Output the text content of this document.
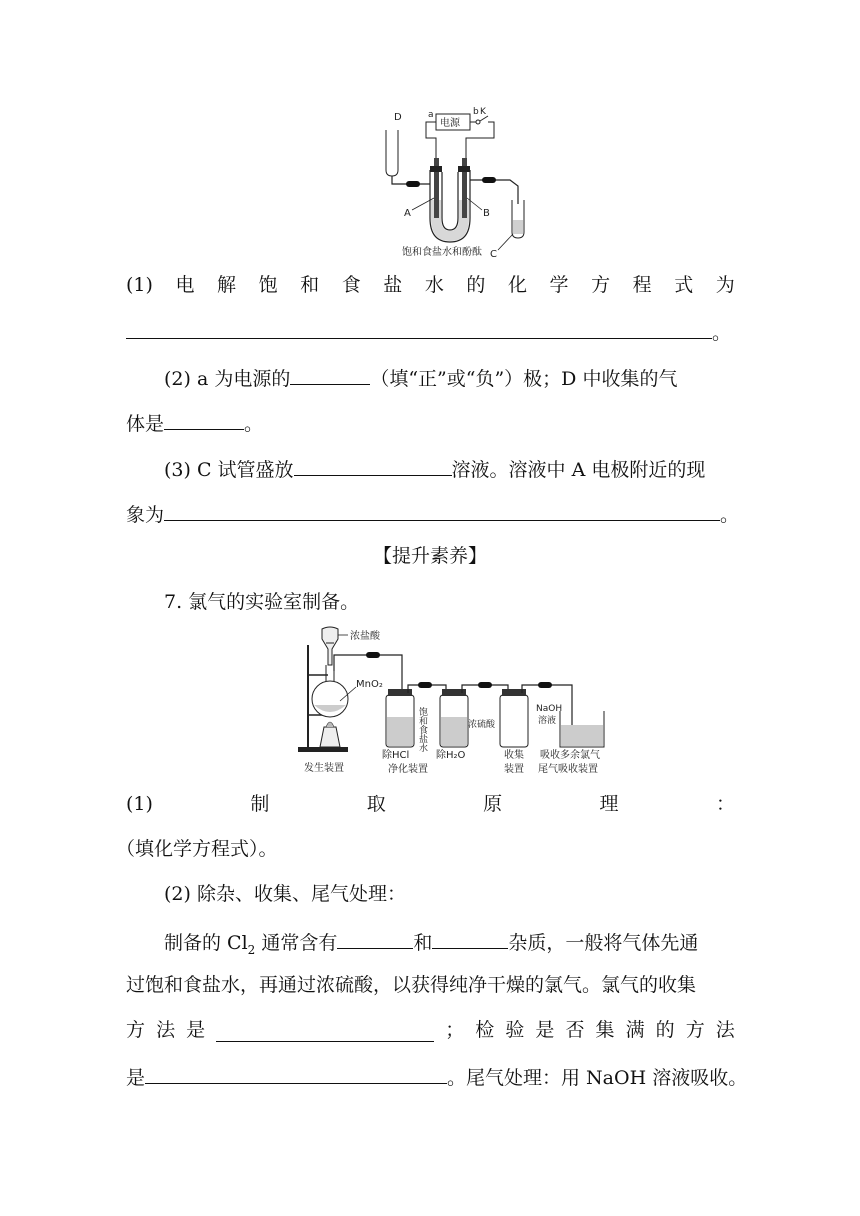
电源
a	b K
D
C
A	B
饱和食盐水和酚酞
(1) 电 解 饱 和 食 盐 水 的 化 学 方 程 式 为
。
(2) a 为电源的	（填“正”或“负”）极；D 中收集的气
体是	。
(3) C 试管盛放	溶液。溶液中 A 电极附近的现
象为	。
【提升素养】
7. 氯气的实验室制备。
浓盐酸
MnO₂
饱和食盐水	浓硫酸
NaOH
溶液
发生装置
除HCl	除H₂O
净化装置
收集
装置
吸收多余氯气
尾气吸收装置
(1)	制	取	原	理	：
（填化学方程式）。
(2) 除杂、收集、尾气处理：
制备的 $Cl_2$ 通常含有	和	杂质，一般将气体先通
过饱和食盐水，再通过浓硫酸，以获得纯净干燥的氯气。氯气的收集
方 法 是	； 检 验 是 否 集 满 的 方 法
是	。尾气处理：用 NaOH 溶液吸收。
